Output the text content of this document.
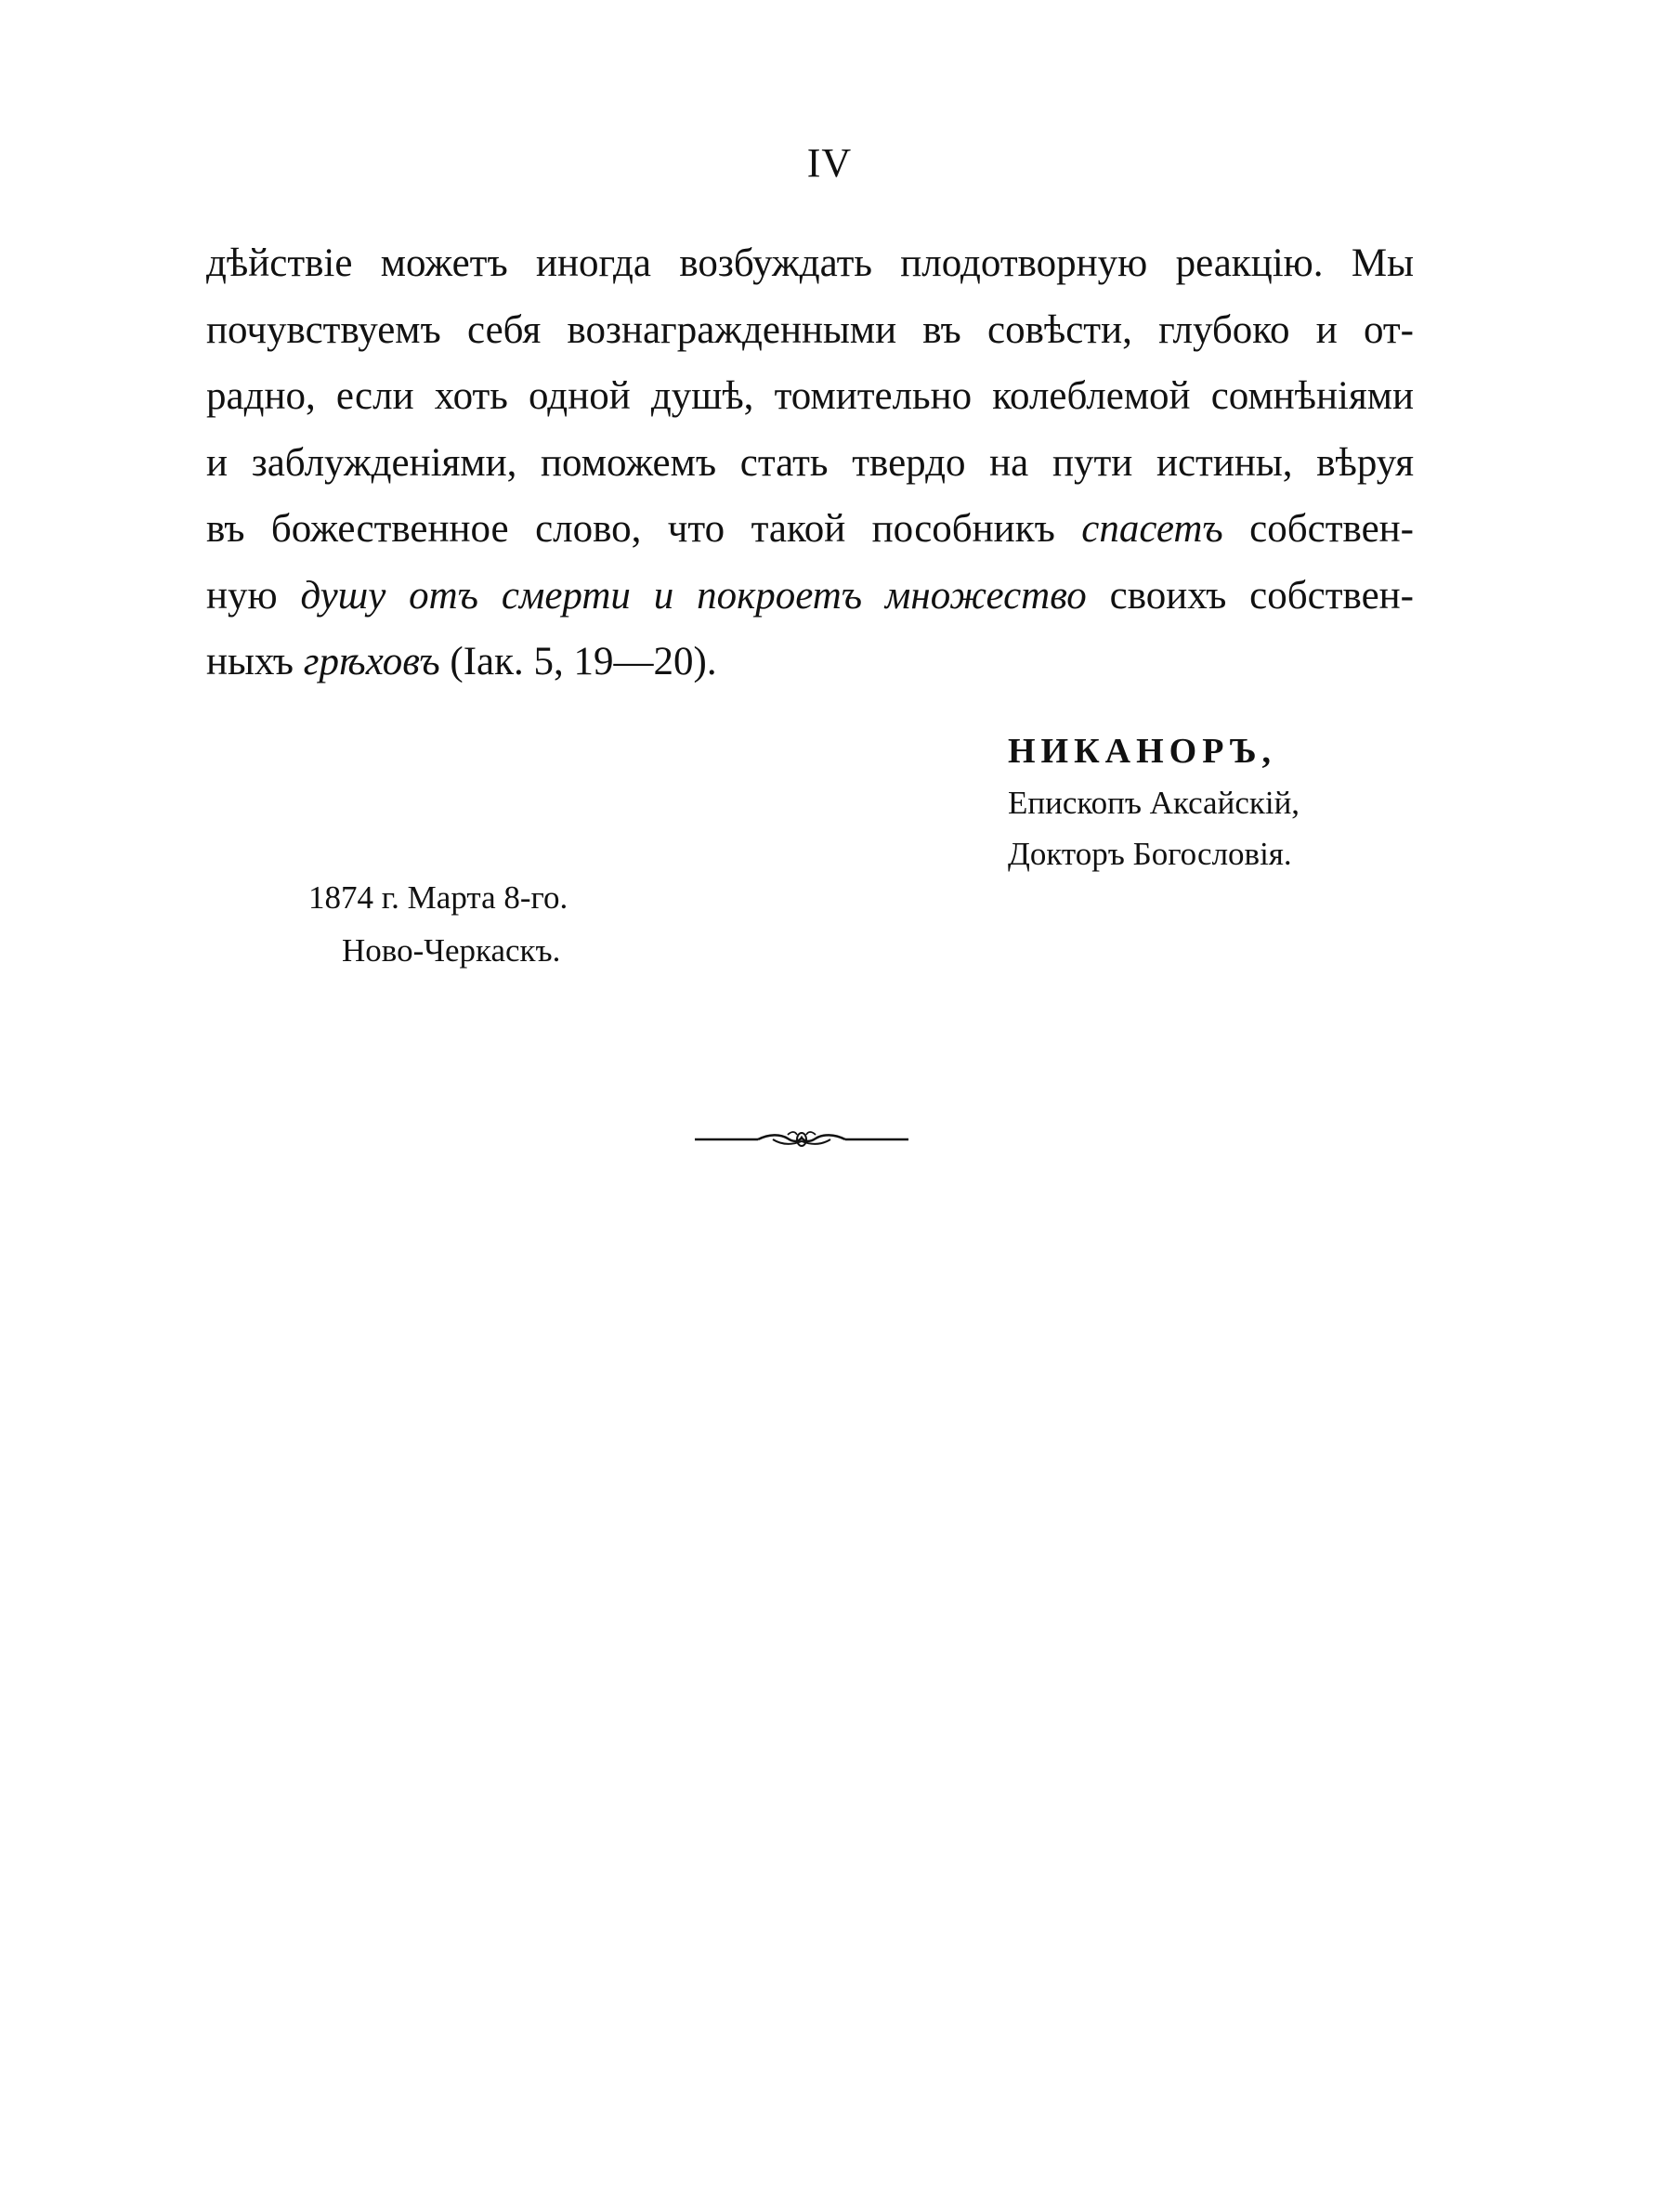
IV
дѣйствіе можетъ иногда возбуждать плодотворную реакцію. Мы
почувствуемъ себя вознагражденными въ совѣсти, глубоко и от-
радно, если хоть одной душѣ, томительно колеблемой сомнѣніями
и заблужденіями, поможемъ стать твердо на пути истины, вѣруя
въ божественное слово, что такой пособникъ спасетъ собствен-
ную душу отъ смерти и покроетъ множество своихъ собствен-
ныхъ грѣховъ (Iак. 5, 19—20).
НИКАНОРЪ,
Епископъ Аксайскій,
Докторъ Богословія.
1874 г. Марта 8-го.
Ново-Черкаскъ.
